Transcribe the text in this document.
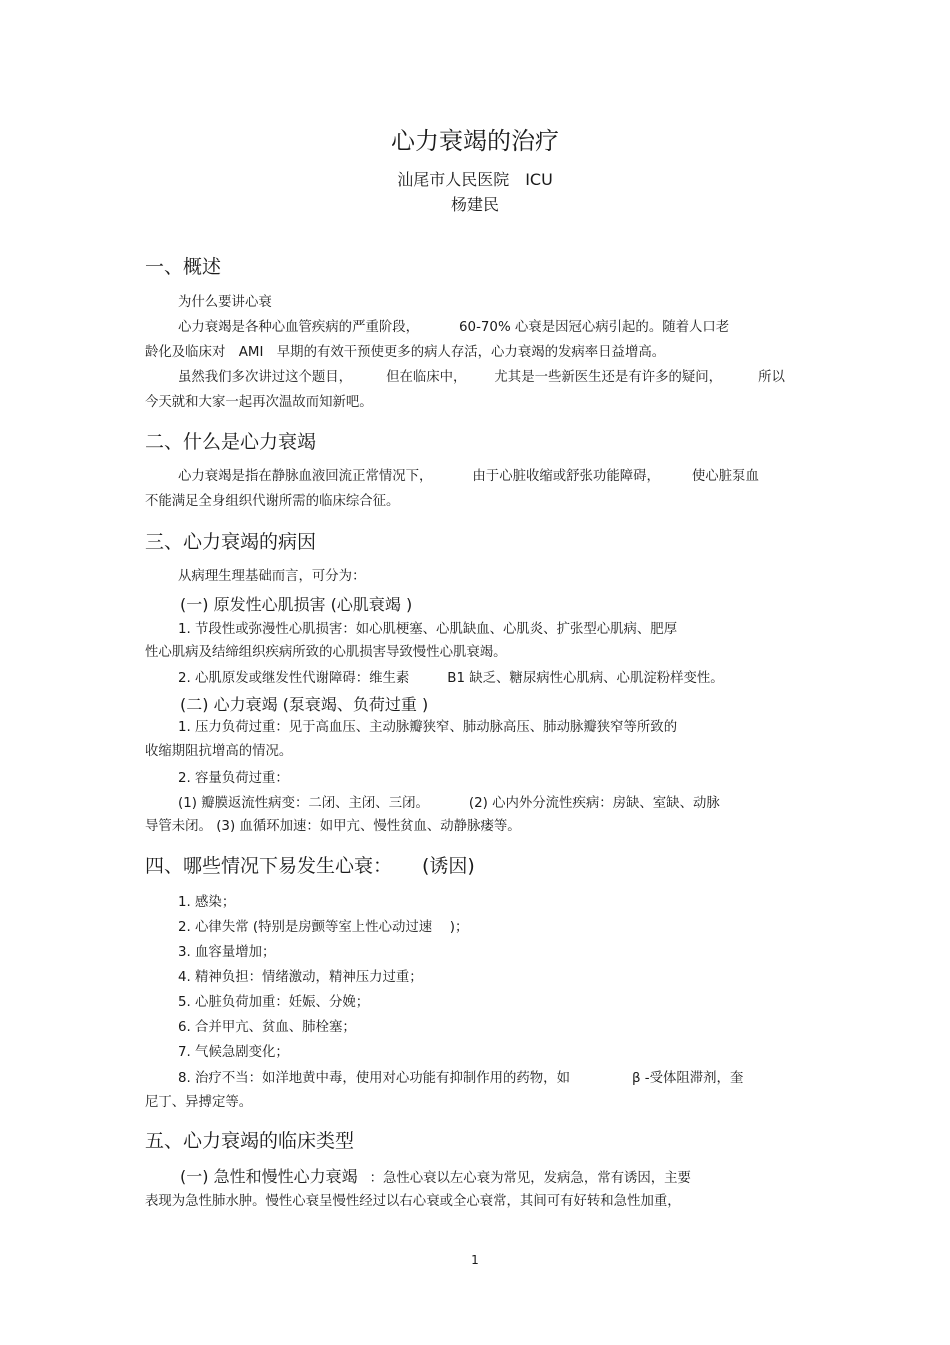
心力衰竭的治疗
汕尾市人民医院　ICU
杨建民
一、概述
为什么要讲心衰
心力衰竭是各种心血管疾病的严重阶段，	60-70% 心衰是因冠心病引起的。随着人口老
龄化及临床对　AMI　早期的有效干预使更多的病人存活，心力衰竭的发病率日益增高。
虽然我们多次讲过这个题目，	但在临床中， 尤其是一些新医生还是有许多的疑问，	所以
今天就和大家一起再次温故而知新吧。
二、什么是心力衰竭
心力衰竭是指在静脉血液回流正常情况下，	由于心脏收缩或舒张功能障碍， 使心脏泵血
不能满足全身组织代谢所需的临床综合征。
三、心力衰竭的病因
从病理生理基础而言，可分为：
(一) 原发性心肌损害 (心肌衰竭 )
1. 节段性或弥漫性心肌损害：如心肌梗塞、心肌缺血、心肌炎、扩张型心肌病、肥厚
性心肌病及结缔组织疾病所致的心肌损害导致慢性心肌衰竭。
2. 心肌原发或继发性代谢障碍：维生素	B1 缺乏、糖尿病性心肌病、心肌淀粉样变性。
(二) 心力衰竭 (泵衰竭、负荷过重 )
1. 压力负荷过重：见于高血压、主动脉瓣狭窄、肺动脉高压、肺动脉瓣狭窄等所致的
收缩期阻抗增高的情况。
2. 容量负荷过重：
(1) 瓣膜返流性病变：二闭、主闭、三闭。	(2) 心内外分流性疾病：房缺、室缺、动脉
导管未闭。 (3) 血循环加速：如甲亢、慢性贫血、动静脉瘘等。
四、哪些情况下易发生心衰： (诱因)
1. 感染；
2. 心律失常 (特别是房颤等室上性心动过速　 )；
3. 血容量增加；
4. 精神负担：情绪激动，精神压力过重；
5. 心脏负荷加重：妊娠、分娩；
6. 合并甲亢、贫血、肺栓塞；
7. 气候急剧变化；
8. 治疗不当：如洋地黄中毒，使用对心功能有抑制作用的药物，如	β -受体阻滞剂，奎
尼丁、异搏定等。
五、心力衰竭的临床类型
(一) 急性和慢性心力衰竭 ：急性心衰以左心衰为常见，发病急，常有诱因，主要
表现为急性肺水肿。慢性心衰呈慢性经过以右心衰或全心衰常，其间可有好转和急性加重，
1
